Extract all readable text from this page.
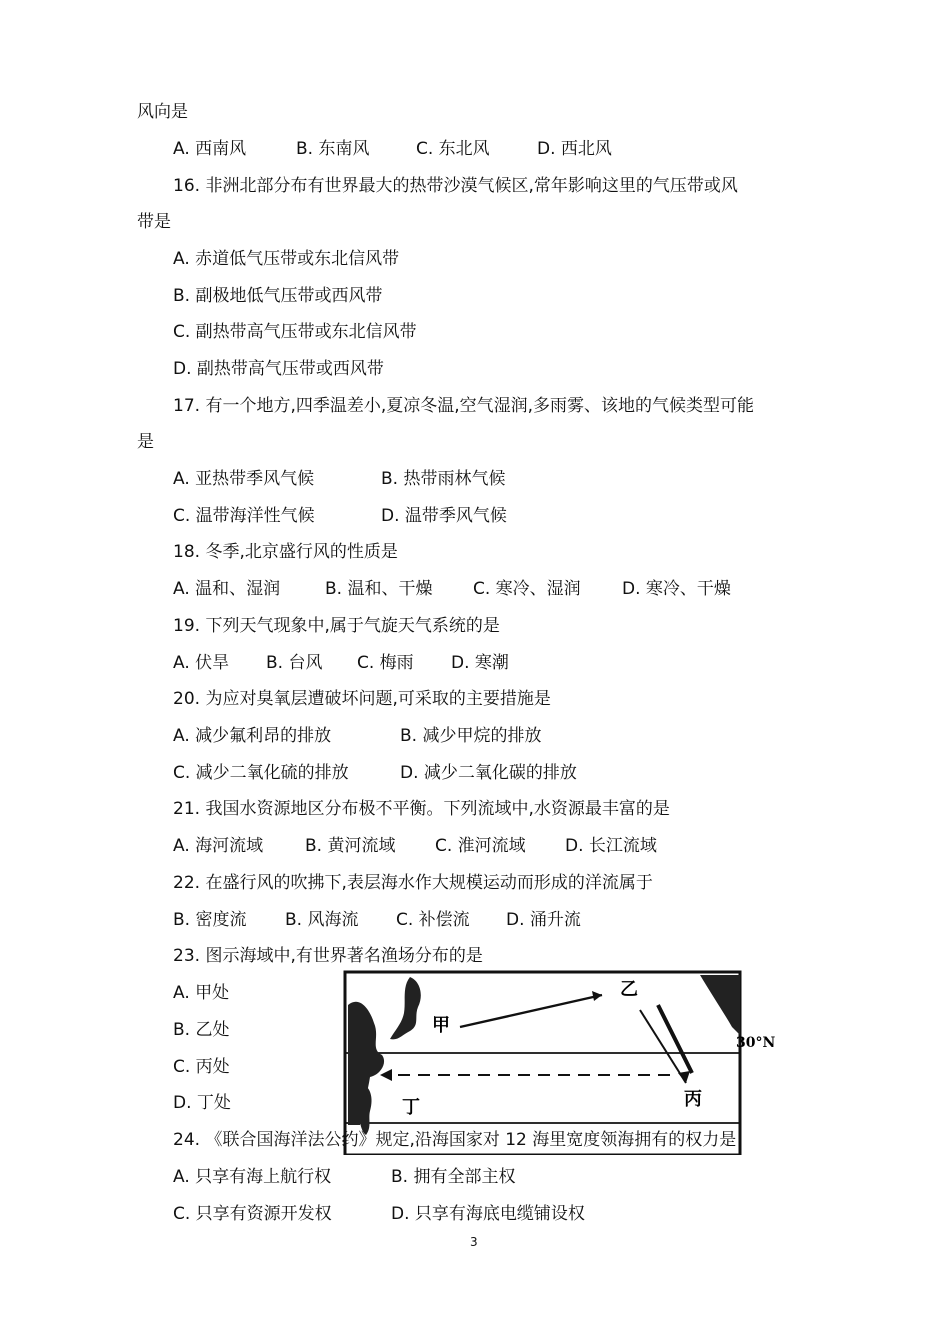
风向是
A. 西南风	B. 东南风	C. 东北风	D. 西北风
16. 非洲北部分布有世界最大的热带沙漠气候区,常年影响这里的气压带或风
带是
A. 赤道低气压带或东北信风带
B. 副极地低气压带或西风带
C. 副热带高气压带或东北信风带
D. 副热带高气压带或西风带
17. 有一个地方,四季温差小,夏凉冬温,空气湿润,多雨雾、该地的气候类型可能
是
A. 亚热带季风气候	B. 热带雨林气候
C. 温带海洋性气候	D. 温带季风气候
18. 冬季,北京盛行风的性质是
A. 温和、湿润	B. 温和、干燥 C. 寒冷、湿润 D. 寒冷、干燥
19. 下列天气现象中,属于气旋天气系统的是
A. 伏旱 B. 台风 C. 梅雨 D. 寒潮
20. 为应对臭氧层遭破坏问题,可采取的主要措施是
A. 减少氟利昂的排放	B. 减少甲烷的排放
C. 减少二氧化硫的排放	D. 减少二氧化碳的排放
21. 我国水资源地区分布极不平衡。下列流域中,水资源最丰富的是
A. 海河流域 B. 黄河流域 C. 淮河流域 D. 长江流域
22. 在盛行风的吹拂下,表层海水作大规模运动而形成的洋流属于
B. 密度流 B. 风海流 C. 补偿流 D. 涌升流
23. 图示海域中,有世界著名渔场分布的是
A. 甲处
B. 乙处
C. 丙处
D. 丁处
甲
乙
丙
丁
30°N
24. 《联合国海洋法公约》规定,沿海国家对 12 海里宽度领海拥有的权力是
A. 只享有海上航行权	B. 拥有全部主权
C. 只享有资源开发权	D. 只享有海底电缆铺设权
3
